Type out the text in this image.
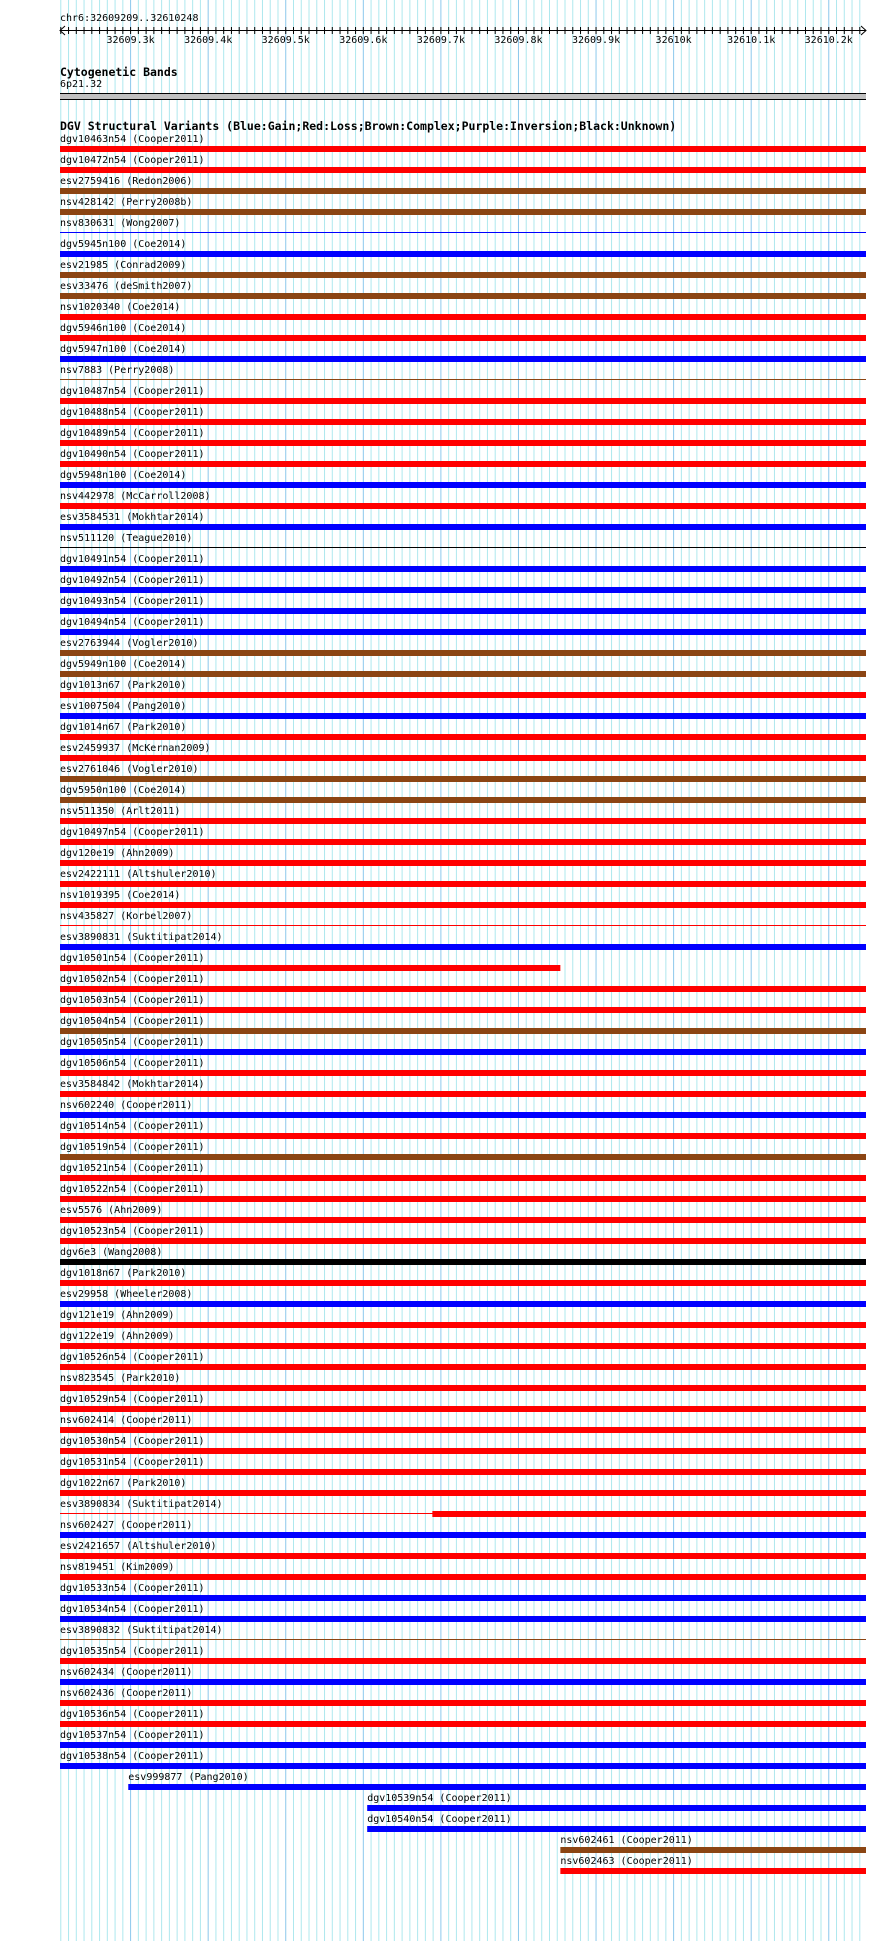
chr6:32609209..32610248
32609.3k	32609.4k	32609.5k	32609.6k	32609.7k	32609.8k	32609.9k	32610k	32610.1k	32610.2k
Cytogenetic Bands
6p21.32
DGV Structural Variants (Blue:Gain;Red:Loss;Brown:Complex;Purple:Inversion;Black:Unknown)
dgv10463n54 (Cooper2011)
dgv10472n54 (Cooper2011)
esv2759416 (Redon2006)
nsv428142 (Perry2008b)
nsv830631 (Wong2007)
dgv5945n100 (Coe2014)
esv21985 (Conrad2009)
esv33476 (deSmith2007)
nsv1020340 (Coe2014)
dgv5946n100 (Coe2014)
dgv5947n100 (Coe2014)
nsv7883 (Perry2008)
dgv10487n54 (Cooper2011)
dgv10488n54 (Cooper2011)
dgv10489n54 (Cooper2011)
dgv10490n54 (Cooper2011)
dgv5948n100 (Coe2014)
nsv442978 (McCarroll2008)
esv3584531 (Mokhtar2014)
nsv511120 (Teague2010)
dgv10491n54 (Cooper2011)
dgv10492n54 (Cooper2011)
dgv10493n54 (Cooper2011)
dgv10494n54 (Cooper2011)
esv2763944 (Vogler2010)
dgv5949n100 (Coe2014)
dgv1013n67 (Park2010)
esv1007504 (Pang2010)
dgv1014n67 (Park2010)
esv2459937 (McKernan2009)
esv2761046 (Vogler2010)
dgv5950n100 (Coe2014)
nsv511350 (Arlt2011)
dgv10497n54 (Cooper2011)
dgv120e19 (Ahn2009)
esv2422111 (Altshuler2010)
nsv1019395 (Coe2014)
nsv435827 (Korbel2007)
esv3890831 (Suktitipat2014)
dgv10501n54 (Cooper2011)
dgv10502n54 (Cooper2011)
dgv10503n54 (Cooper2011)
dgv10504n54 (Cooper2011)
dgv10505n54 (Cooper2011)
dgv10506n54 (Cooper2011)
esv3584842 (Mokhtar2014)
nsv602240 (Cooper2011)
dgv10514n54 (Cooper2011)
dgv10519n54 (Cooper2011)
dgv10521n54 (Cooper2011)
dgv10522n54 (Cooper2011)
esv5576 (Ahn2009)
dgv10523n54 (Cooper2011)
dgv6e3 (Wang2008)
dgv1018n67 (Park2010)
esv29958 (Wheeler2008)
dgv121e19 (Ahn2009)
dgv122e19 (Ahn2009)
dgv10526n54 (Cooper2011)
nsv823545 (Park2010)
dgv10529n54 (Cooper2011)
nsv602414 (Cooper2011)
dgv10530n54 (Cooper2011)
dgv10531n54 (Cooper2011)
dgv1022n67 (Park2010)
esv3890834 (Suktitipat2014)
nsv602427 (Cooper2011)
esv2421657 (Altshuler2010)
nsv819451 (Kim2009)
dgv10533n54 (Cooper2011)
dgv10534n54 (Cooper2011)
esv3890832 (Suktitipat2014)
dgv10535n54 (Cooper2011)
nsv602434 (Cooper2011)
nsv602436 (Cooper2011)
dgv10536n54 (Cooper2011)
dgv10537n54 (Cooper2011)
dgv10538n54 (Cooper2011)
esv999877 (Pang2010)
dgv10539n54 (Cooper2011)
dgv10540n54 (Cooper2011)
nsv602461 (Cooper2011)
nsv602463 (Cooper2011)
